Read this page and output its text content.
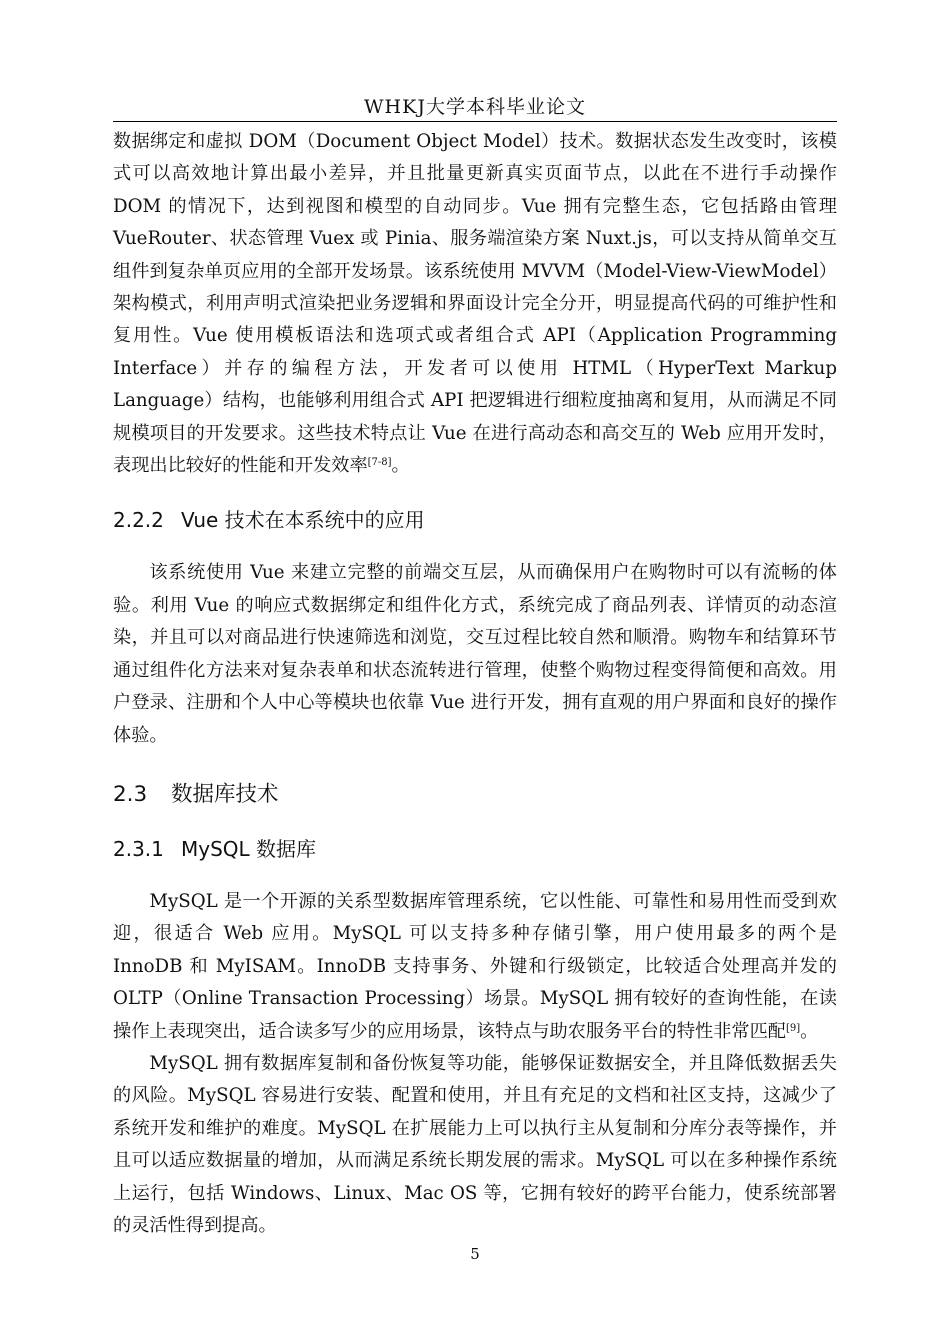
WHKJ大学本科毕业论文

数据绑定和虚拟 DOM（Document Object Model）技术。数据状态发生改变时，该模式可以高效地计算出最小差异，并且批量更新真实页面节点，以此在不进行手动操作 DOM 的情况下，达到视图和模型的自动同步。Vue 拥有完整生态，它包括路由管理 VueRouter、状态管理 Vuex 或 Pinia、服务端渲染方案 Nuxt.js，可以支持从简单交互组件到复杂单页应用的全部开发场景。该系统使用 MVVM（Model-View-ViewModel）架构模式，利用声明式渲染把业务逻辑和界面设计完全分开，明显提高代码的可维护性和复用性。Vue 使用模板语法和选项式或者组合式 API（Application Programming Interface）并存的编程方法，开发者可以使用 HTML（HyperText Markup Language）结构，也能够利用组合式 API 把逻辑进行细粒度抽离和复用，从而满足不同规模项目的开发要求。这些技术特点让 Vue 在进行高动态和高交互的 Web 应用开发时，表现出比较好的性能和开发效率[7-8]。

2.2.2 Vue 技术在本系统中的应用

该系统使用 Vue 来建立完整的前端交互层，从而确保用户在购物时可以有流畅的体验。利用 Vue 的响应式数据绑定和组件化方式，系统完成了商品列表、详情页的动态渲染，并且可以对商品进行快速筛选和浏览，交互过程比较自然和顺滑。购物车和结算环节通过组件化方法来对复杂表单和状态流转进行管理，使整个购物过程变得简便和高效。用户登录、注册和个人中心等模块也依靠 Vue 进行开发，拥有直观的用户界面和良好的操作体验。

2.3 数据库技术
2.3.1 MySQL 数据库

MySQL 是一个开源的关系型数据库管理系统，它以性能、可靠性和易用性而受到欢迎，很适合 Web 应用。MySQL 可以支持多种存储引擎，用户使用最多的两个是 InnoDB 和 MyISAM。InnoDB 支持事务、外键和行级锁定，比较适合处理高并发的 OLTP（Online Transaction Processing）场景。MySQL 拥有较好的查询性能，在读操作上表现突出，适合读多写少的应用场景，该特点与助农服务平台的特性非常匹配[9]。

MySQL 拥有数据库复制和备份恢复等功能，能够保证数据安全，并且降低数据丢失的风险。MySQL 容易进行安装、配置和使用，并且有充足的文档和社区支持，这减少了系统开发和维护的难度。MySQL 在扩展能力上可以执行主从复制和分库分表等操作，并且可以适应数据量的增加，从而满足系统长期发展的需求。MySQL 可以在多种操作系统上运行，包括 Windows、Linux、Mac OS 等，它拥有较好的跨平台能力，使系统部署的灵活性得到提高。

5
